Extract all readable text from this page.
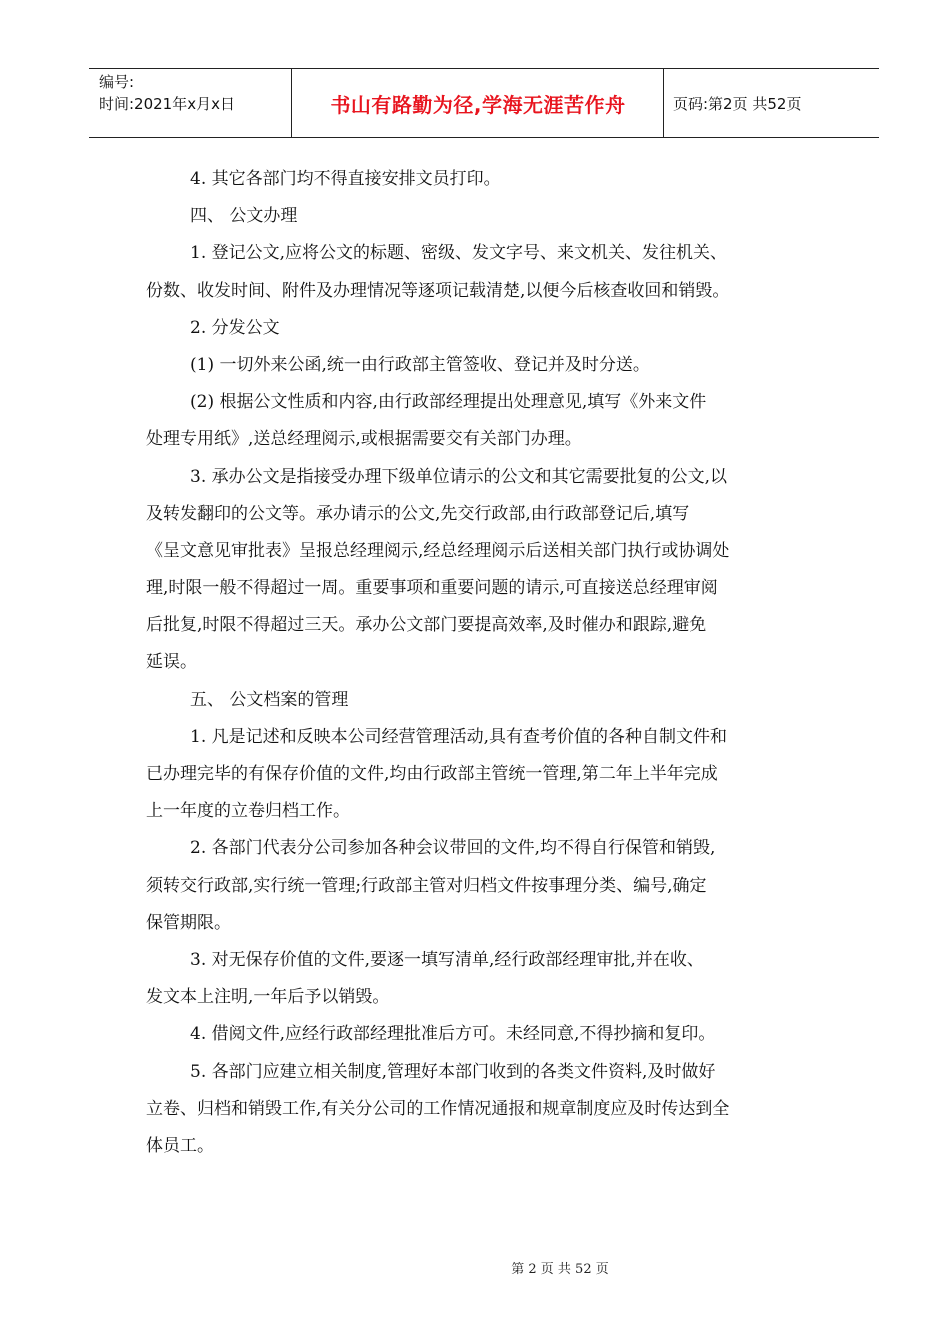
编号:
时间:2021年x月x日	书山有路勤为径,学海无涯苦作舟	页码:第2页 共52页
4. 其它各部门均不得直接安排文员打印。
四、 公文办理
1. 登记公文,应将公文的标题、密级、发文字号、来文机关、发往机关、
份数、收发时间、附件及办理情况等逐项记载清楚,以便今后核查收回和销毁。
2. 分发公文
(1) 一切外来公函,统一由行政部主管签收、登记并及时分送。
(2) 根据公文性质和内容,由行政部经理提出处理意见,填写《外来文件
处理专用纸》,送总经理阅示,或根据需要交有关部门办理。
3. 承办公文是指接受办理下级单位请示的公文和其它需要批复的公文,以
及转发翻印的公文等。承办请示的公文,先交行政部,由行政部登记后,填写
《呈文意见审批表》呈报总经理阅示,经总经理阅示后送相关部门执行或协调处
理,时限一般不得超过一周。重要事项和重要问题的请示,可直接送总经理审阅
后批复,时限不得超过三天。承办公文部门要提高效率,及时催办和跟踪,避免
延误。
五、 公文档案的管理
1. 凡是记述和反映本公司经营管理活动,具有查考价值的各种自制文件和
已办理完毕的有保存价值的文件,均由行政部主管统一管理,第二年上半年完成
上一年度的立卷归档工作。
2. 各部门代表分公司参加各种会议带回的文件,均不得自行保管和销毁,
须转交行政部,实行统一管理;行政部主管对归档文件按事理分类、编号,确定
保管期限。
3. 对无保存价值的文件,要逐一填写清单,经行政部经理审批,并在收、
发文本上注明,一年后予以销毁。
4. 借阅文件,应经行政部经理批准后方可。未经同意,不得抄摘和复印。
5. 各部门应建立相关制度,管理好本部门收到的各类文件资料,及时做好
立卷、归档和销毁工作,有关分公司的工作情况通报和规章制度应及时传达到全
体员工。
第 2 页 共 52 页
